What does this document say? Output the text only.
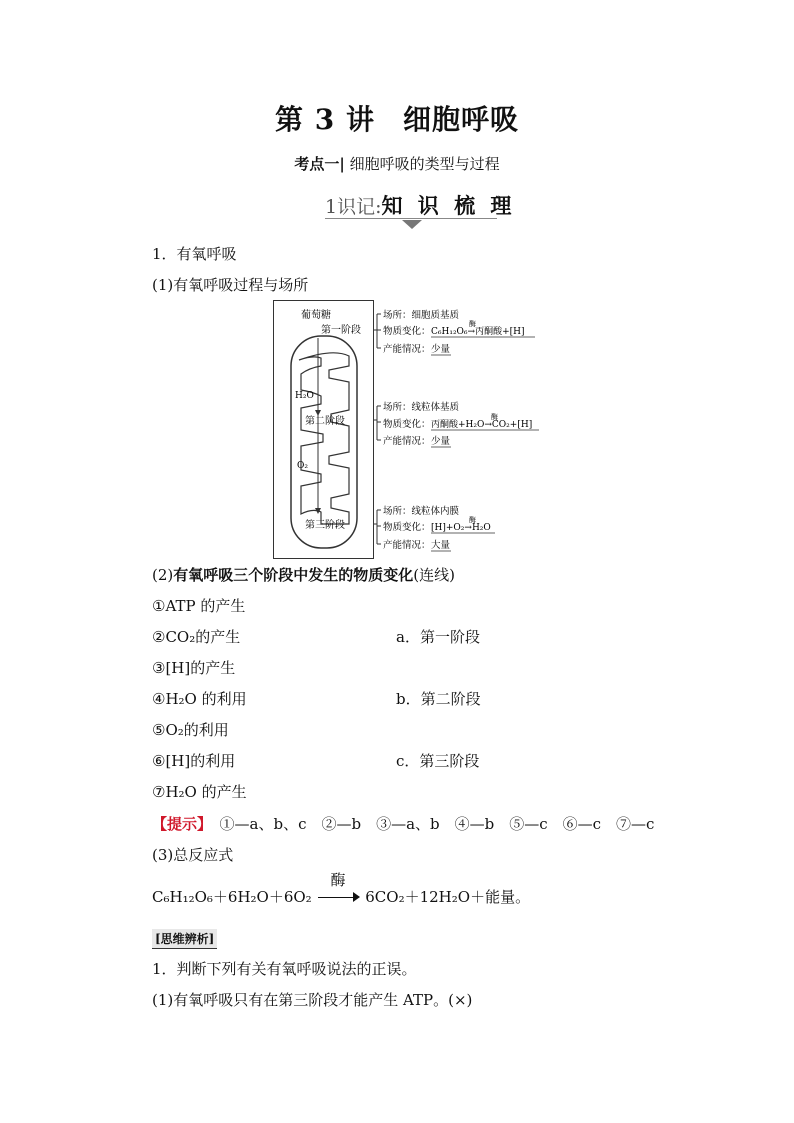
第 3 讲 细胞呼吸
考点一| 细胞呼吸的类型与过程
1识记:知 识 梳 理
1．有氧呼吸
(1)有氧呼吸过程与场所
葡萄糖
第一阶段
H₂O
第二阶段
O₂
第三阶段
场所：细胞质基质
物质变化： C₆H₁₂O₆→丙酮酸+[H]
酶
产能情况： 少量
场所：线粒体基质
物质变化： 丙酮酸+H₂O→CO₂+[H]
酶
产能情况： 少量
场所：线粒体内膜
物质变化： [H]+O₂→H₂O
酶
产能情况： 大量
(2)有氧呼吸三个阶段中发生的物质变化(连线)
①ATP 的产生
②CO₂的产生
③[H]的产生
④H₂O 的利用
⑤O₂的利用
⑥[H]的利用
⑦H₂O 的产生
a．第一阶段
b．第二阶段
c．第三阶段
【提示】　 ①—a、b、c　②—b　③—a、b　④—b　⑤—c　⑥—c　⑦—c
(3)总反应式
C₆H₁₂O₆＋6H₂O＋6O₂
酶
6CO₂＋12H₂O＋能量。
[思维辨析]
1．判断下列有关有氧呼吸说法的正误。
(1)有氧呼吸只有在第三阶段才能产生 ATP。(×)
